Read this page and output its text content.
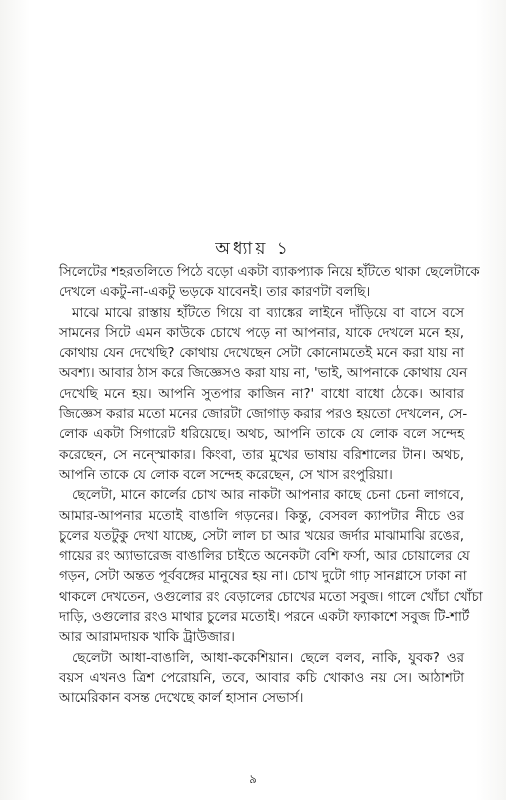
অধ্যায় ১
সিলেটের শহরতলিতে পিঠে বড়ো একটা ব্যাকপ্যাক নিয়ে হাঁটতে থাকা ছেলেটাকে
দেখলে একটু-না-একটু ভড়কে যাবেনই। তার কারণটা বলছি।
মাঝে মাঝে রাস্তায় হাঁটতে গিয়ে বা ব্যাঙ্কের লাইনে দাঁড়িয়ে বা বাসে বসে
সামনের সিটে এমন কাউকে চোখে পড়ে না আপনার, যাকে দেখলে মনে হয়,
কোথায় যেন দেখেছি? কোথায় দেখেছেন সেটা কোনোমতেই মনে করা যায় না
অবশ্য। আবার ঠাস করে জিজ্ঞেসও করা যায় না, 'ভাই, আপনাকে কোথায় যেন
দেখেছি মনে হয়। আপনি সুতপার কাজিন না?' বাধো বাধো ঠেকে। আবার
জিজ্ঞেস করার মতো মনের জোরটা জোগাড় করার পরও হয়তো দেখলেন, সে-
লোক একটা সিগারেট ধরিয়েছে। অথচ, আপনি তাকে যে লোক বলে সন্দেহ
করেছেন, সে নন্স্মোকার। কিংবা, তার মুখের ভাষায় বরিশালের টান। অথচ,
আপনি তাকে যে লোক বলে সন্দেহ করেছেন, সে খাস রংপুরিয়া।
ছেলেটা, মানে কার্লের চোখ আর নাকটা আপনার কাছে চেনা চেনা লাগবে,
আমার-আপনার মতোই বাঙালি গড়নের। কিন্তু, বেসবল ক্যাপটার নীচে ওর
চুলের যতটুকু দেখা যাচ্ছে, সেটা লাল চা আর খয়ের জর্দার মাঝামাঝি রঙের,
গায়ের রং অ্যাভারেজ বাঙালির চাইতে অনেকটা বেশি ফর্সা, আর চোয়ালের যে
গড়ন, সেটা অন্তত পূর্ববঙ্গের মানুষের হয় না। চোখ দুটো গাঢ় সানগ্লাসে ঢাকা না
থাকলে দেখতেন, ওগুলোর রং বেড়ালের চোখের মতো সবুজ। গালে খোঁচা খোঁচা
দাড়ি, ওগুলোর রংও মাথার চুলের মতোই। পরনে একটা ফ্যাকাশে সবুজ টি-শার্ট
আর আরামদায়ক খাকি ট্রাউজার।
ছেলেটা আধা-বাঙালি, আধা-ককেশিয়ান। ছেলে বলব, নাকি, যুবক? ওর
বয়স এখনও ত্রিশ পেরোয়নি, তবে, আবার কচি খোকাও নয় সে। আঠাশটা
আমেরিকান বসন্ত দেখেছে কার্ল হাসান সেভার্স।
৯
